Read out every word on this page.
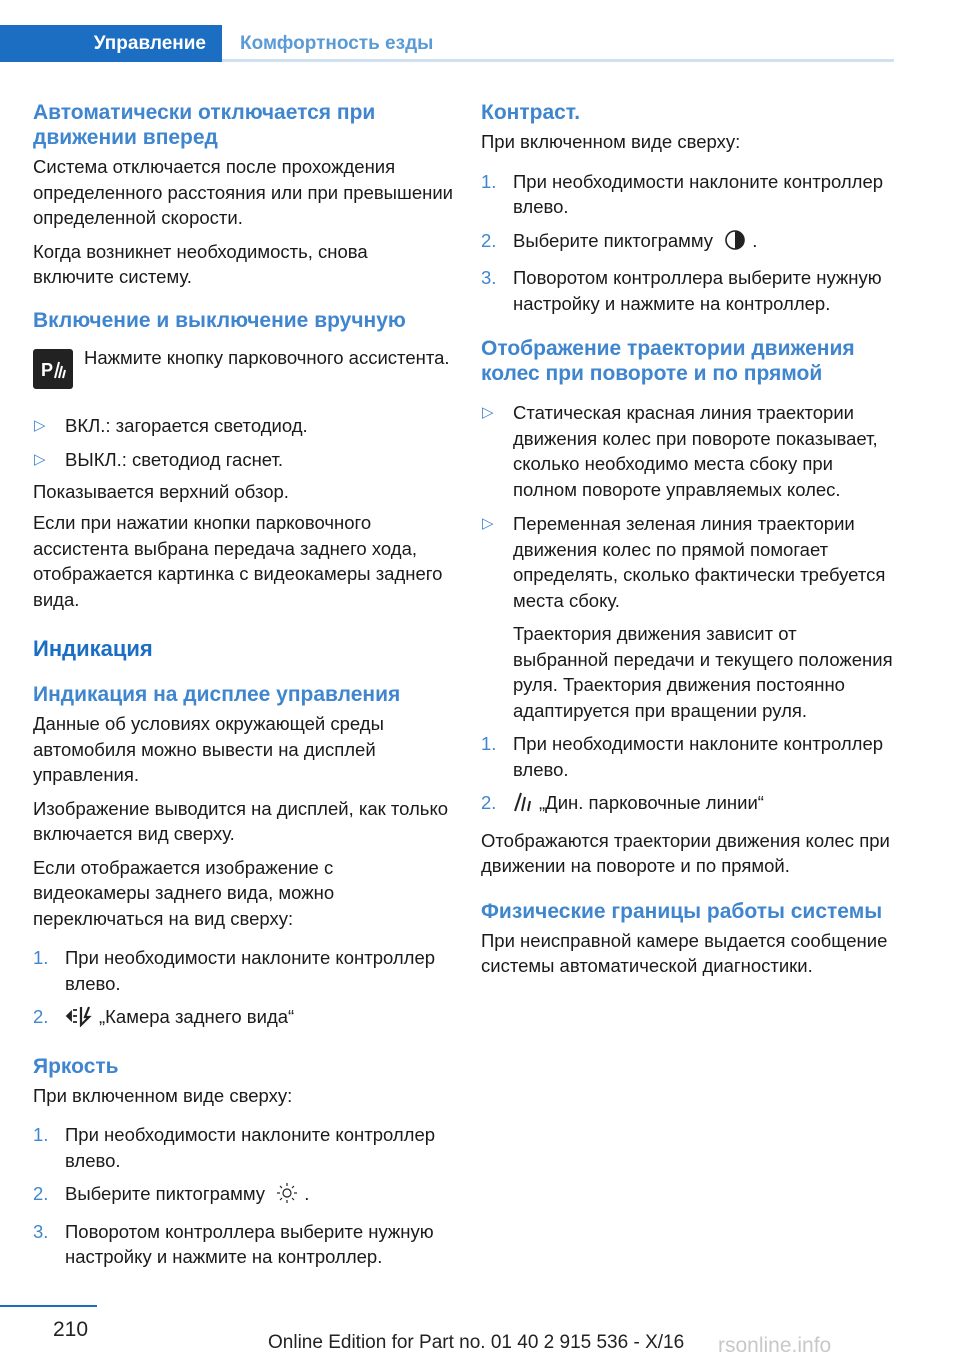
Управление Комфортность езды
Автоматически отключается при движении вперед

Система отключается после прохождения определенного расстояния или при превышении определенной скорости.

Когда возникнет необходимость, снова включите систему.

Включение и выключение вручную
P
Нажмите кнопку парковочного ассистента.
▷ ВКЛ.: загорается светодиод.
▷ ВЫКЛ.: светодиод гаснет.

Показывается верхний обзор.

Если при нажатии кнопки парковочного ассистента выбрана передача заднего хода, отображается картинка с видеокамеры заднего вида.

Индикация
Индикация на дисплее управления

Данные об условиях окружающей среды автомобиля можно вывести на дисплей управления.

Изображение выводится на дисплей, как только включается вид сверху.

Если отображается изображение с видеокамеры заднего вида, можно переключаться на вид сверху:

1. При необходимости наклоните контроллер влево.
2.	„Камера заднего вида“
Яркость

При включенном виде сверху:

1. При необходимости наклоните контроллер влево.
2. Выберите пиктограмму .
3. Поворотом контроллера выберите нужную настройку и нажмите на контроллер.
Контраст.

При включенном виде сверху:

1. При необходимости наклоните контроллер влево.
2. Выберите пиктограмму .
3. Поворотом контроллера выберите нужную настройку и нажмите на контроллер.
Отображение траектории движения колес при повороте и по прямой
▷ Статическая красная линия траектории движения колес при повороте показывает, сколько необходимо места сбоку при полном повороте управляемых колес.
▷ Переменная зеленая линия траектории движения колес по прямой помогает определять, сколько фактически требуется места сбоку.

Траектория движения зависит от выбранной передачи и текущего положения руля. Траектория движения постоянно адаптируется при вращении руля.

1. При необходимости наклоните контроллер влево.
2. „Дин. парковочные линии“

Отображаются траектории движения колес при движении на повороте и по прямой.

Физические границы работы системы

При неисправной камере выдается сообщение системы автоматической диагностики.

210
Online Edition for Part no. 01 40 2 915 536 - X/16 rsonline.info
